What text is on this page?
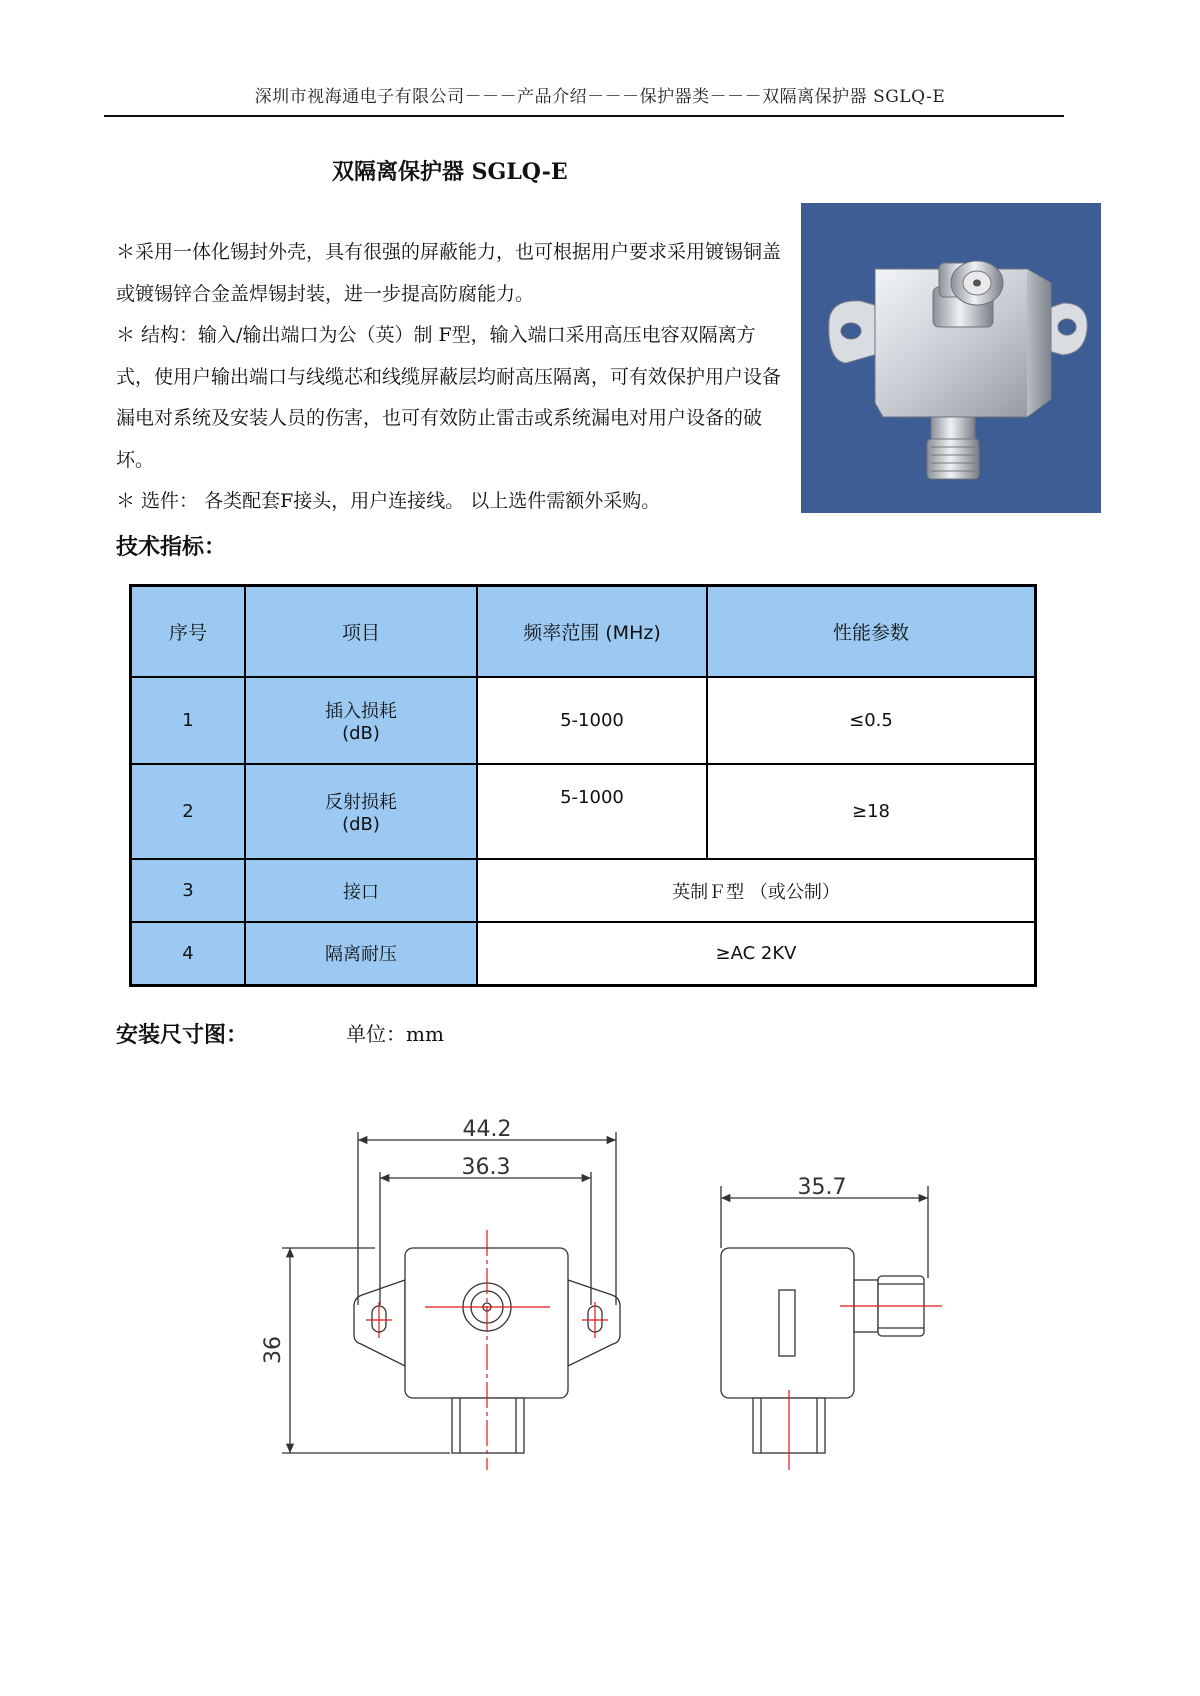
深圳市视海通电子有限公司－－－产品介绍－－－保护器类－－－双隔离保护器 SGLQ-E
双隔离保护器 SGLQ-E

＊采用一体化锡封外壳，具有很强的屏蔽能力，也可根据用户要求采用镀锡铜盖或镀锡锌合金盖焊锡封装，进一步提高防腐能力。

＊ 结构：输入/输出端口为公（英）制 F型，输入端口采用高压电容双隔离方式，使用户输出端口与线缆芯和线缆屏蔽层均耐高压隔离，可有效保护用户设备漏电对系统及安装人员的伤害，也可有效防止雷击或系统漏电对用户设备的破坏。

＊ 选件： 各类配套F接头，用户连接线。 以上选件需额外采购。

技术指标：
序号	项目	频率范围 (MHz)	性能参数
1	插入损耗
(dB)	5-1000	≤0.5
2	反射损耗
(dB)	5-1000	≥18
3	接口	英制Ｆ型 （或公制）	
4	隔离耐压	≥AC 2KV	
安装尺寸图：	单位：mm
44.2
36.3
36
35.7
